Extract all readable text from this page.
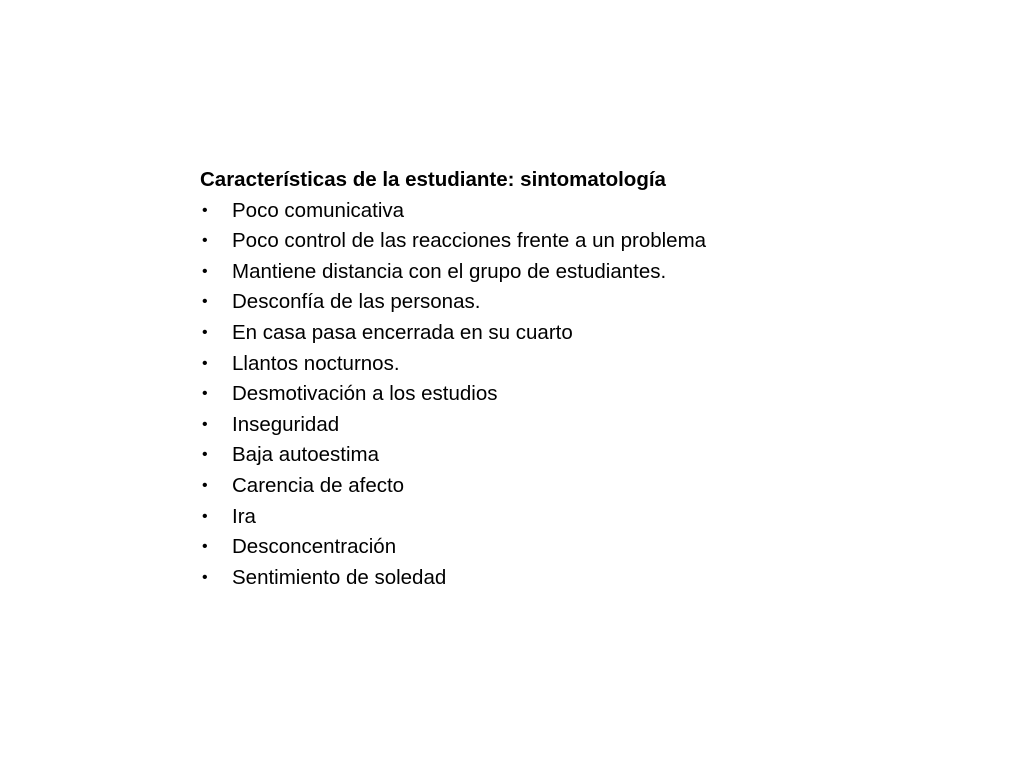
Características de la estudiante: sintomatología
• Poco comunicativa
• Poco control de las reacciones frente a un problema
• Mantiene distancia con el grupo de estudiantes.
• Desconfía de las personas.
• En casa pasa encerrada en su cuarto
• Llantos nocturnos.
• Desmotivación a los estudios
• Inseguridad
• Baja autoestima
• Carencia de afecto
• Ira
• Desconcentración
• Sentimiento de soledad
